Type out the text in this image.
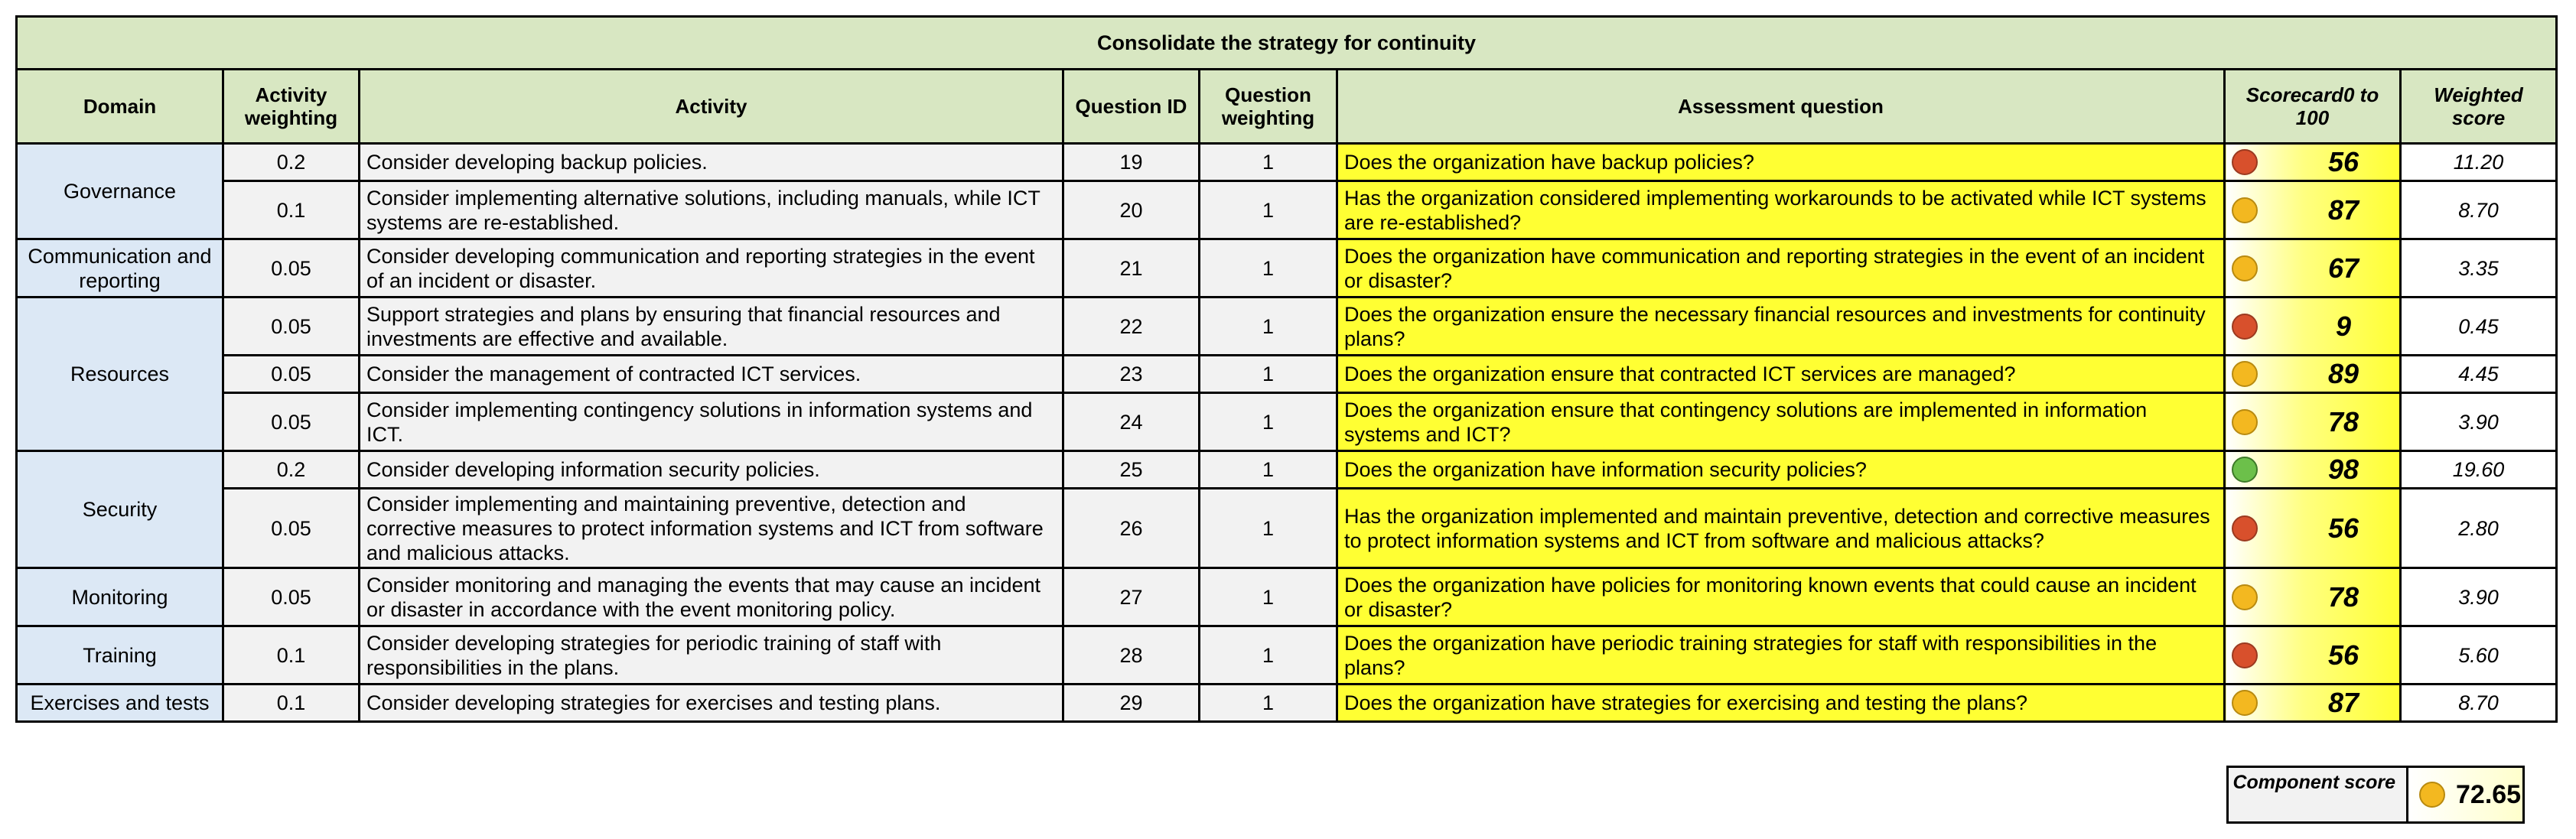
Consolidate the strategy for continuity							
Domain	Activity weighting	Activity	Question ID	Question weighting	Assessment question	Scorecard0 to 100	Weighted score
Governance	0.2	Consider developing backup policies.	19	1	Does the organization have backup policies?	56	11.20
	0.1	Consider implementing alternative solutions, including manuals, while ICT systems are re-established.	20	1	Has the organization considered implementing workarounds to be activated while ICT systems are re-established?	87	8.70
Communication and reporting	0.05	Consider developing communication and reporting strategies in the event of an incident or disaster.	21	1	Does the organization have communication and reporting strategies in the event of an incident or disaster?	67	3.35
Resources	0.05	Support strategies and plans by ensuring that financial resources and investments are effective and available.	22	1	Does the organization ensure the necessary financial resources and investments for continuity plans?	9	0.45
	0.05	Consider the management of contracted ICT services.	23	1	Does the organization ensure that contracted ICT services are managed?	89	4.45
	0.05	Consider implementing contingency solutions in information systems and ICT.	24	1	Does the organization ensure that contingency solutions are implemented in information systems and ICT?	78	3.90
Security	0.2	Consider developing information security policies.	25	1	Does the organization have information security policies?	98	19.60
	0.05	Consider implementing and maintaining preventive, detection and corrective measures to protect information systems and ICT from software and malicious attacks.	26	1	Has the organization implemented and maintain preventive, detection and corrective measures to protect information systems and ICT from software and malicious attacks?	56	2.80
Monitoring	0.05	Consider monitoring and managing the events that may cause an incident or disaster in accordance with the event monitoring policy.	27	1	Does the organization have policies for monitoring known events that could cause an incident or disaster?	78	3.90
Training	0.1	Consider developing strategies for periodic training of staff with responsibilities in the plans.	28	1	Does the organization have periodic training strategies for staff with responsibilities in the plans?	56	5.60
Exercises and tests	0.1	Consider developing strategies for exercises and testing plans.	29	1	Does the organization have strategies for exercising and testing the plans?	87	8.70
Component score	72.65
